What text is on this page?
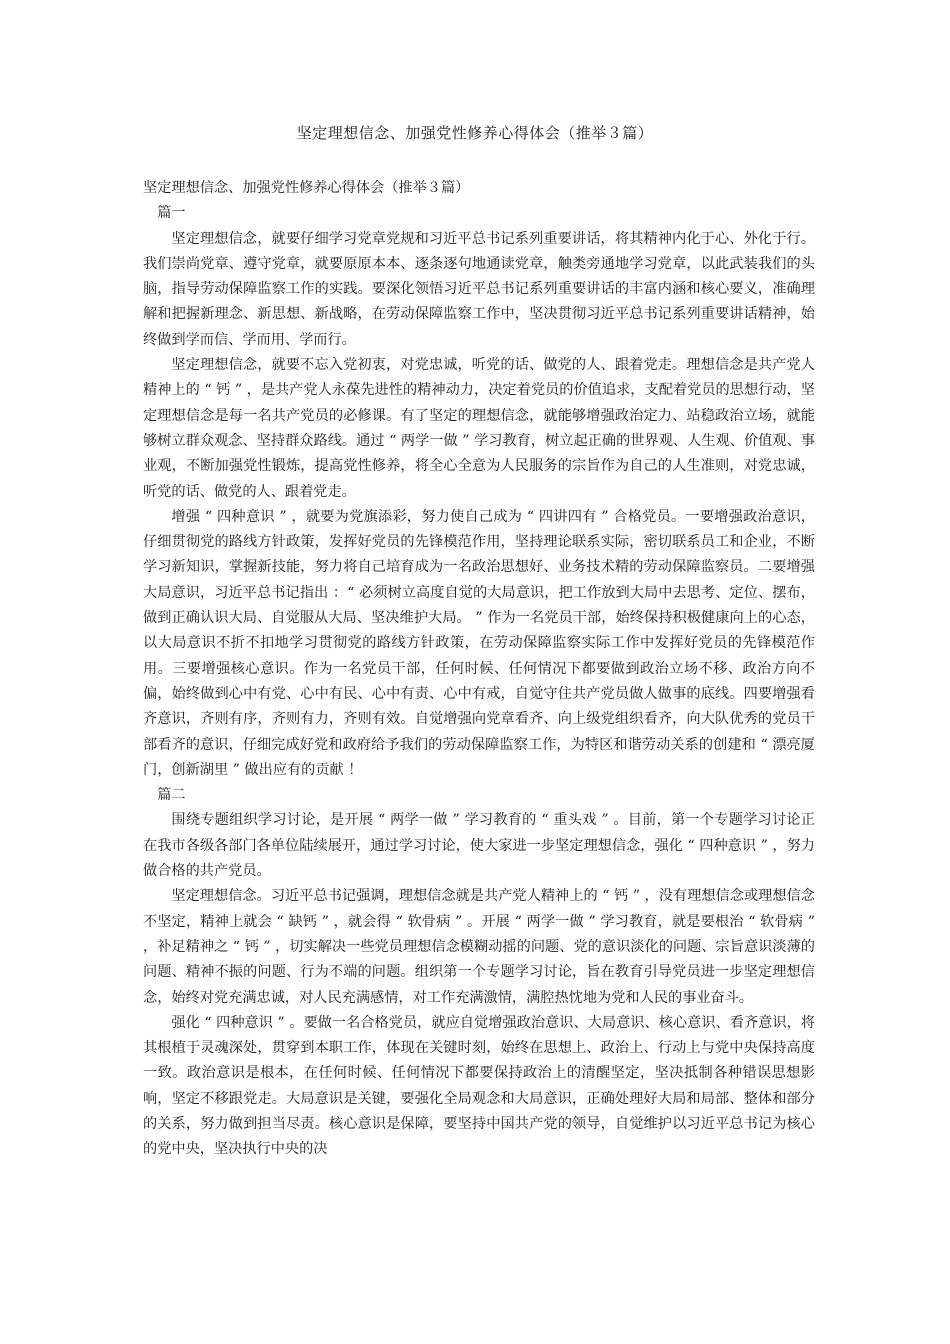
坚定理想信念、加强党性修养心得体会（推举３篇）

坚定理想信念、加强党性修养心得体会（推举３篇）

篇一

坚定理想信念，就要仔细学习党章党规和习近平总书记系列重要讲话，将其精神内化于心、外化于行。我们崇尚党章、遵守党章，就要原原本本、逐条逐句地通读党章，触类旁通地学习党章，以此武装我们的头脑，指导劳动保障监察工作的实践。要深化领悟习近平总书记系列重要讲话的丰富内涵和核心要义，准确理解和把握新理念、新思想、新战略，在劳动保障监察工作中，坚决贯彻习近平总书记系列重要讲话精神，始终做到学而信、学而用、学而行。

坚定理想信念，就要不忘入党初衷，对党忠诚，听党的话、做党的人、跟着党走。理想信念是共产党人精神上的 “ 钙 ” ，是共产党人永葆先进性的精神动力，决定着党员的价值追求，支配着党员的思想行动，坚定理想信念是每一名共产党员的必修课。有了坚定的理想信念，就能够增强政治定力、站稳政治立场，就能够树立群众观念、坚持群众路线。通过 “ 两学一做 ” 学习教育，树立起正确的世界观、人生观、价值观、事业观，不断加强党性锻炼，提高党性修养，将全心全意为人民服务的宗旨作为自己的人生准则，对党忠诚，听党的话、做党的人、跟着党走。

增强 “ 四种意识 ” ，就要为党旗添彩，努力使自己成为 “ 四讲四有 ” 合格党员。一要增强政治意识，仔细贯彻党的路线方针政策，发挥好党员的先锋模范作用，坚持理论联系实际，密切联系员工和企业，不断学习新知识，掌握新技能，努力将自己培育成为一名政治思想好、业务技术精的劳动保障监察员。二要增强大局意识，习近平总书记指出 ：“ 必须树立高度自觉的大局意识，把工作放到大局中去思考、定位、摆布，做到正确认识大局、自觉服从大局、坚决维护大局。 ” 作为一名党员干部，始终保持积极健康向上的心态，以大局意识不折不扣地学习贯彻党的路线方针政策，在劳动保障监察实际工作中发挥好党员的先锋模范作用。三要增强核心意识。作为一名党员干部，任何时候、任何情况下都要做到政治立场不移、政治方向不偏，始终做到心中有党、心中有民、心中有责、心中有戒，自觉守住共产党员做人做事的底线。四要增强看齐意识，齐则有序，齐则有力，齐则有效。自觉增强向党章看齐、向上级党组织看齐，向大队优秀的党员干部看齐的意识，仔细完成好党和政府给予我们的劳动保障监察工作，为特区和谐劳动关系的创建和 “ 漂亮厦门，创新湖里 ” 做出应有的贡献 ！

篇二

围绕专题组织学习讨论，是开展 “ 两学一做 ” 学习教育的 “ 重头戏 ” 。目前，第一个专题学习讨论正在我市各级各部门各单位陆续展开，通过学习讨论，使大家进一步坚定理想信念，强化 “ 四种意识 ” ，努力做合格的共产党员。

坚定理想信念。习近平总书记强调，理想信念就是共产党人精神上的 “ 钙 ” ，没有理想信念或理想信念不坚定，精神上就会 “ 缺钙 ” ，就会得 “ 软骨病 ” 。开展 “ 两学一做 ” 学习教育，就是要根治 “ 软骨病 ” ，补足精神之 “ 钙 ” ，切实解决一些党员理想信念模糊动摇的问题、党的意识淡化的问题、宗旨意识淡薄的问题、精神不振的问题、行为不端的问题。组织第一个专题学习讨论，旨在教育引导党员进一步坚定理想信念，始终对党充满忠诚，对人民充满感情，对工作充满激情，满腔热忱地为党和人民的事业奋斗。

强化 “ 四种意识 ” 。要做一名合格党员，就应自觉增强政治意识、大局意识、核心意识、看齐意识，将其根植于灵魂深处，贯穿到本职工作，体现在关键时刻，始终在思想上、政治上、行动上与党中央保持高度一致。政治意识是根本，在任何时候、任何情况下都要保持政治上的清醒坚定，坚决抵制各种错误思想影响，坚定不移跟党走。大局意识是关键，要强化全局观念和大局意识，正确处理好大局和局部、整体和部分的关系，努力做到担当尽责。核心意识是保障，要坚持中国共产党的领导，自觉维护以习近平总书记为核心的党中央，坚决执行中央的决
